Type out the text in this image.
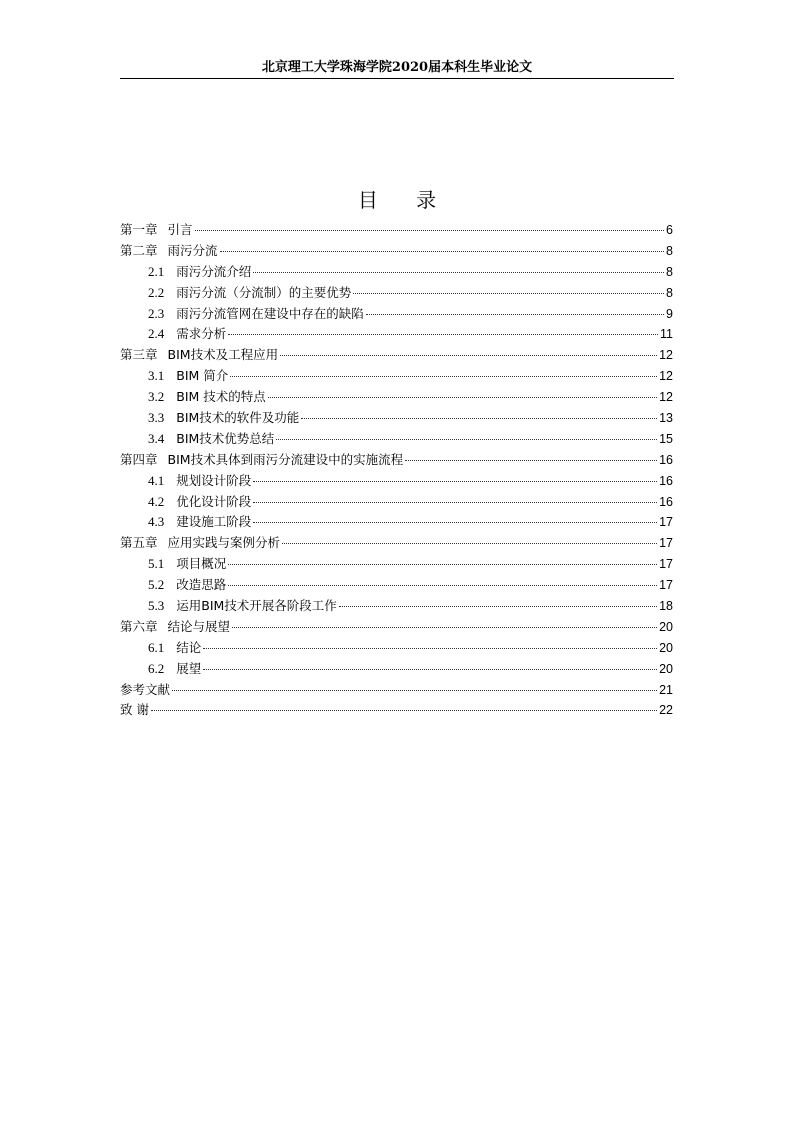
北京理工大学珠海学院2020届本科生毕业论文
目 录
第一章 引言	6
第二章 雨污分流	8
2.1 雨污分流介绍	8
2.2 雨污分流（分流制）的主要优势	8
2.3 雨污分流管网在建设中存在的缺陷	9
2.4 需求分析	11
第三章 BIM技术及工程应用	12
3.1 BIM 简介	12
3.2 BIM 技术的特点	12
3.3 BIM技术的软件及功能	13
3.4 BIM技术优势总结	15
第四章 BIM技术具体到雨污分流建设中的实施流程	16
4.1 规划设计阶段	16
4.2 优化设计阶段	16
4.3 建设施工阶段	17
第五章 应用实践与案例分析	17
5.1 项目概况	17
5.2 改造思路	17
5.3 运用BIM技术开展各阶段工作	18
第六章 结论与展望	20
6.1 结论	20
6.2 展望	20
参考文献	21
致 谢	22
